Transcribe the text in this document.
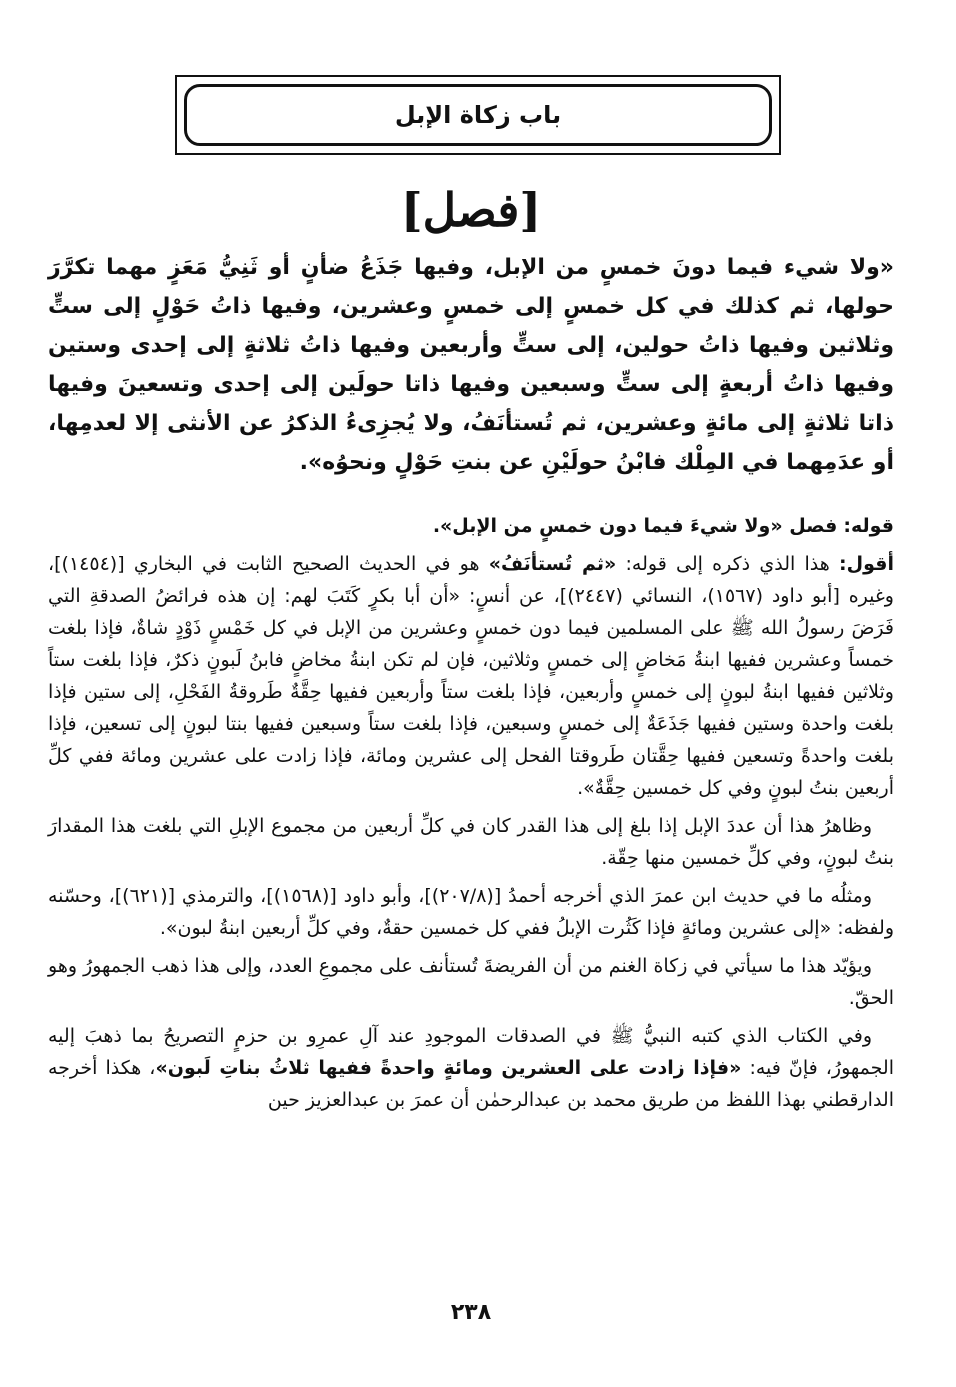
باب زكاة الإبل
[فصل]

«ولا شيء فيما دونَ خمسٍ من الإبل، وفيها جَذَعُ ضأنٍ أو ثَنِيُّ مَعَزٍ مهما تكرَّرَ حولها، ثم كذلك في كل خمسٍ إلى خمسٍ وعشرين، وفيها ذاتُ حَوْلٍ إلى ستٍّ وثلاثين وفيها ذاتُ حولين، إلى ستٍّ وأربعين وفيها ذاتُ ثلاثةٍ إلى إحدى وستين وفيها ذاتُ أربعةٍ إلى ستٍّ وسبعين وفيها ذاتا حولَين إلى إحدى وتسعينَ وفيها ذاتا ثلاثةٍ إلى مائةٍ وعشرين، ثم تُستأنَفُ، ولا يُجزِىءُ الذكرُ عن الأنثى إلا لعدمِها، أو عدَمِهما في المِلْك فابْنُ حولَيْنِ عن بنتِ حَوْلٍ ونحوُه».

قوله: فصل «ولا شيءَ فيما دون خمسٍ من الإبل».

أقول: هذا الذي ذكره إلى قوله: «ثم تُستأنَفُ» هو في الحديث الصحيح الثابت في البخاري [(١٤٥٤)]، وغيره [أبو داود (١٥٦٧)، النسائي (٢٤٤٧)]، عن أنسٍ: «أن أبا بكرٍ كَتَبَ لهم: إن هذه فرائضُ الصدقةِ التي فَرَضَ رسولُ الله ﷺ على المسلمين فيما دون خمسٍ وعشرين من الإبل في كل خَمْسٍ ذَوْدٍ شاةٌ، فإذا بلغت خمساً وعشرين ففيها ابنةُ مَخاضٍ إلى خمسٍ وثلاثين، فإن لم تكن ابنةُ مخاضٍ فابنُ لَبونٍ ذكرٌ، فإذا بلغت ستاً وثلاثين ففيها ابنةُ لبونٍ إلى خمسٍ وأربعين، فإذا بلغت ستاً وأربعين ففيها حِقَّةٌ طَروقةُ الفَحْلِ، إلى ستين فإذا بلغت واحدة وستين ففيها جَذَعَةٌ إلى خمسٍ وسبعين، فإذا بلغت ستاً وسبعين ففيها بنتا لبونٍ إلى تسعين، فإذا بلغت واحدةً وتسعين ففيها حِقَّتان طَروقتا الفحل إلى عشرين ومائة، فإذا زادت على عشرين ومائة ففي كلِّ أربعين بنتُ لبونٍ وفي كل خمسين حِقَّةٌ».

وظاهرُ هذا أن عددَ الإبل إذا بلغ إلى هذا القدر كان في كلِّ أربعين من مجموع الإبلِ التي بلغت هذا المقدارَ بنتُ لبونٍ، وفي كلِّ خمسين منها حِقّة.

ومثلُه ما في حديث ابن عمرَ الذي أخرجه أحمدُ [(٢٠٧/٨)]، وأبو داود [(١٥٦٨)]، والترمذي [(٦٢١)]، وحسّنه ولفظه: «إلى عشرين ومائةٍ فإذا كَثُرت الإبلُ ففي كل خمسين حقةٌ، وفي كلِّ أربعين ابنةُ لبون».

ويؤيّد هذا ما سيأتي في زكاة الغنم من أن الفريضةَ تُستأنف على مجموعِ العدد، وإلى هذا ذهب الجمهورُ وهو الحقّ.

وفي الكتاب الذي كتبه النبيُّ ﷺ في الصدقات الموجودِ عند آلِ عمرِو بن حزمٍ التصريحُ بما ذهبَ إليه الجمهورُ، فإنّ فيه: «فإذا زادت على العشرين ومائةٍ واحدةً ففيها ثلاثُ بناتِ لَبون»، هكذا أخرجه الدارقطني بهذا اللفظ من طريق محمد بن عبدالرحمٰن أن عمرَ بن عبدالعزيز حين

٢٣٨
